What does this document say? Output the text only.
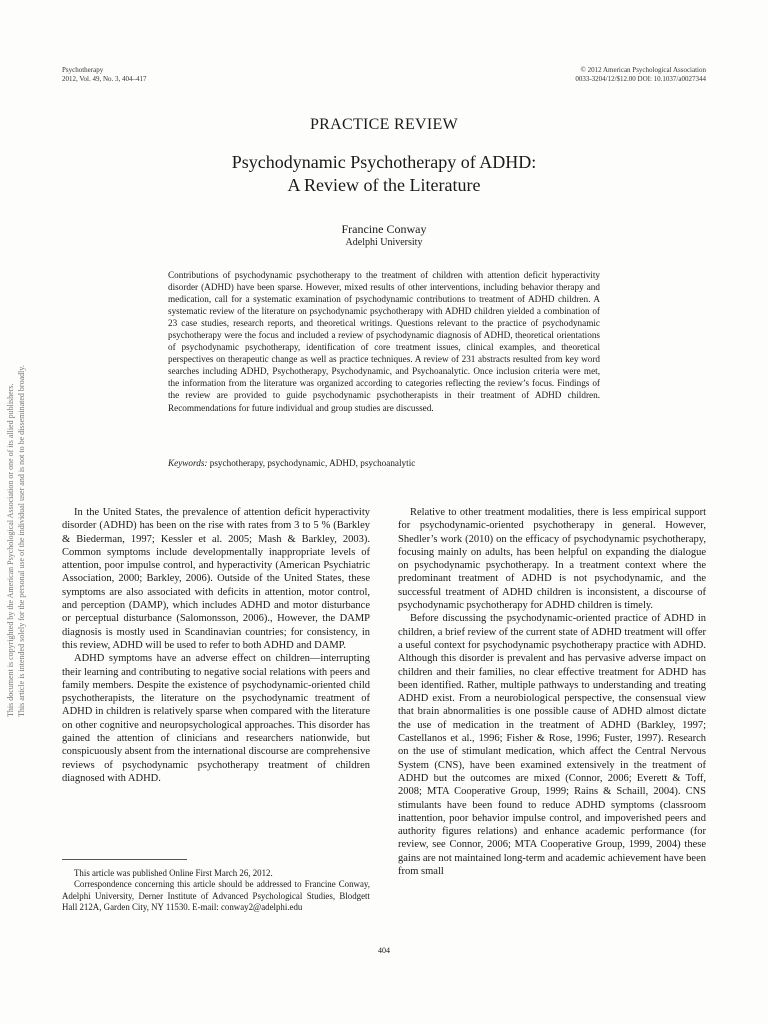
Psychotherapy
2012, Vol. 49, No. 3, 404–417
© 2012 American Psychological Association
0033-3204/12/$12.00 DOI: 10.1037/a0027344
PRACTICE REVIEW
Psychodynamic Psychotherapy of ADHD:
A Review of the Literature
Francine Conway
Adelphi University
Contributions of psychodynamic psychotherapy to the treatment of children with attention deficit hyperactivity disorder (ADHD) have been sparse. However, mixed results of other interventions, including behavior therapy and medication, call for a systematic examination of psychodynamic contributions to treatment of ADHD children. A systematic review of the literature on psychodynamic psychotherapy with ADHD children yielded a combination of 23 case studies, research reports, and theoretical writings. Questions relevant to the practice of psychodynamic psychotherapy were the focus and included a review of psychodynamic diagnosis of ADHD, theoretical orientations of psychodynamic psychotherapy, identification of core treatment issues, clinical examples, and theoretical perspectives on therapeutic change as well as practice techniques. A review of 231 abstracts resulted from key word searches including ADHD, Psychotherapy, Psychodynamic, and Psychoanalytic. Once inclusion criteria were met, the information from the literature was organized according to categories reflecting the review’s focus. Findings of the review are provided to guide psychodynamic psychotherapists in their treatment of ADHD children. Recommendations for future individual and group studies are discussed.
Keywords: psychotherapy, psychodynamic, ADHD, psychoanalytic

In the United States, the prevalence of attention deficit hyperactivity disorder (ADHD) has been on the rise with rates from 3 to 5 % (Barkley & Biederman, 1997; Kessler et al. 2005; Mash & Barkley, 2003). Common symptoms include developmentally inappropriate levels of attention, poor impulse control, and hyperactivity (American Psychiatric Association, 2000; Barkley, 2006). Outside of the United States, these symptoms are also associated with deficits in attention, motor control, and perception (DAMP), which includes ADHD and motor disturbance or perceptual disturbance (Salomonsson, 2006)., However, the DAMP diagnosis is mostly used in Scandinavian countries; for consistency, in this review, ADHD will be used to refer to both ADHD and DAMP.

ADHD symptoms have an adverse effect on children—interrupting their learning and contributing to negative social relations with peers and family members. Despite the existence of psychodynamic-oriented child psychotherapists, the literature on the psychodynamic treatment of ADHD in children is relatively sparse when compared with the literature on other cognitive and neuropsychological approaches. This disorder has gained the attention of clinicians and researchers nationwide, but conspicuously absent from the international discourse are comprehensive reviews of psychodynamic psychotherapy treatment of children diagnosed with ADHD.

Relative to other treatment modalities, there is less empirical support for psychodynamic-oriented psychotherapy in general. However, Shedler’s work (2010) on the efficacy of psychodynamic psychotherapy, focusing mainly on adults, has been helpful on expanding the dialogue on psychodynamic psychotherapy. In a treatment context where the predominant treatment of ADHD is not psychodynamic, and the successful treatment of ADHD children is inconsistent, a discourse of psychodynamic psychotherapy for ADHD children is timely.

Before discussing the psychodynamic-oriented practice of ADHD in children, a brief review of the current state of ADHD treatment will offer a useful context for psychodynamic psychotherapy practice with ADHD. Although this disorder is prevalent and has pervasive adverse impact on children and their families, no clear effective treatment for ADHD has been identified. Rather, multiple pathways to understanding and treating ADHD exist. From a neurobiological perspective, the consensual view that brain abnormalities is one possible cause of ADHD almost dictate the use of medication in the treatment of ADHD (Barkley, 1997; Castellanos et al., 1996; Fisher & Rose, 1996; Fuster, 1997). Research on the use of stimulant medication, which affect the Central Nervous System (CNS), have been examined extensively in the treatment of ADHD but the outcomes are mixed (Connor, 2006; Everett & Toff, 2008; MTA Cooperative Group, 1999; Rains & Schaill, 2004). CNS stimulants have been found to reduce ADHD symptoms (classroom inattention, poor behavior impulse control, and impoverished peers and authority figures relations) and enhance academic performance (for review, see Connor, 2006; MTA Cooperative Group, 1999, 2004) these gains are not maintained long-term and academic achievement have been from small

This article was published Online First March 26, 2012.

Correspondence concerning this article should be addressed to Francine Conway, Adelphi University, Derner Institute of Advanced Psychological Studies, Blodgett Hall 212A, Garden City, NY 11530. E-mail: conway2@adelphi.edu

404
This document is copyrighted by the American Psychological Association or one of its allied publishers. This article is intended solely for the personal use of the individual user and is not to be disseminated broadly.
